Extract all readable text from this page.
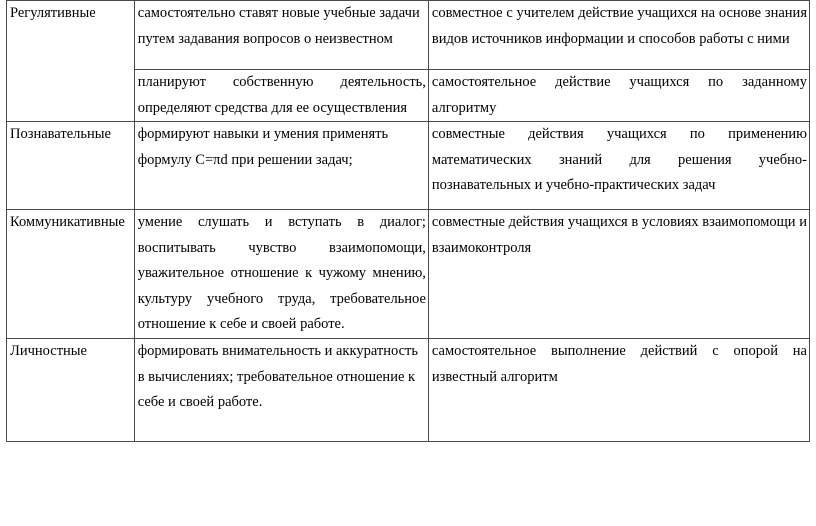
Регулятивные	самостоятельно ставят новые учебные задачи путем задавания вопросов о неизвестном	совместное с учителем действие учащихся на основе знания видов источников информации и способов работы с ними

	планируют собственную деятельность, определяют средства для ее осуществления	самостоятельное действие учащихся по заданному алгоритму

Познавательные	формируют навыки и умения применять формулу С=πd при решении задач;	совместные действия учащихся по применению математических знаний для решения учебно-познавательных и учебно-практических задач

Коммуникативные	умение слушать и вступать в диалог; воспитывать чувство взаимопомощи, уважительное отношение к чужому мнению, культуру учебного труда, требовательное отношение к себе и своей работе.	совместные действия учащихся в условиях взаимопомощи и взаимоконтроля

Личностные	формировать внимательность и аккуратность в вычислениях; требовательное отношение к себе и своей работе.	самостоятельное выполнение действий с опорой на известный алгоритм
